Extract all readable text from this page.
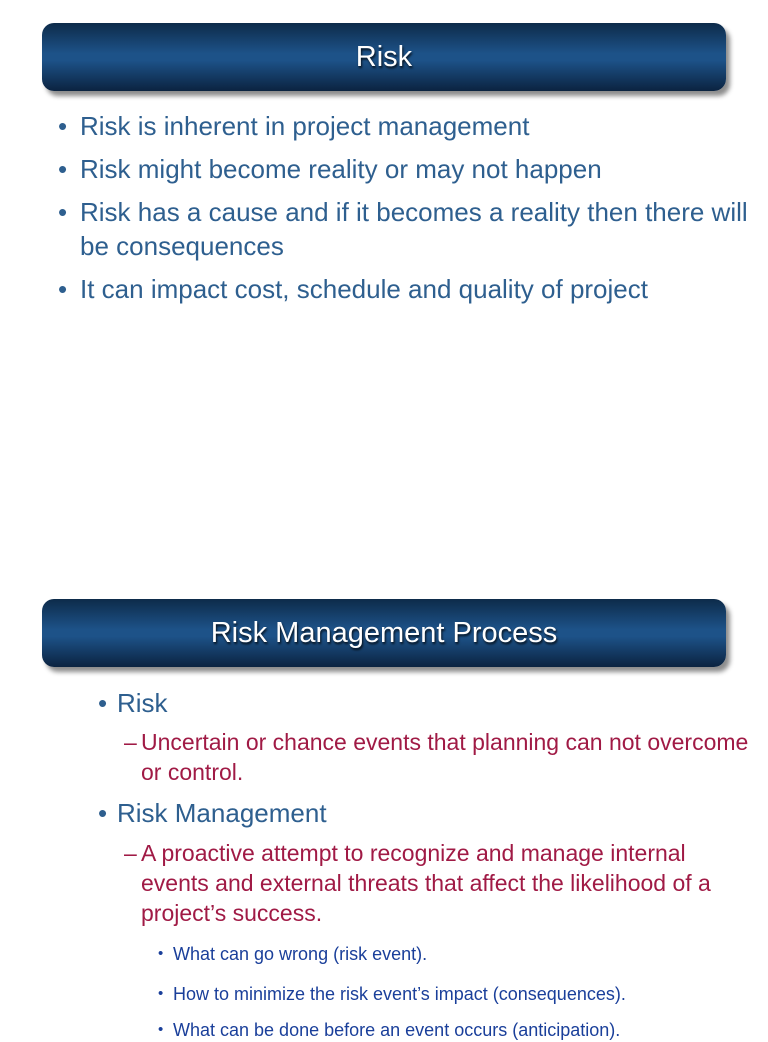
Risk
• Risk is inherent in project management
• Risk might become reality or may not happen
• Risk has a cause and if it becomes a reality then there will be consequences
• It can impact cost, schedule and quality of project
Risk Management Process
• Risk
– Uncertain or chance events that planning can not overcome or control.
• Risk Management
– A proactive attempt to recognize and manage internal events and external threats that affect the likelihood of a project’s success.
• What can go wrong (risk event).
• How to minimize the risk event’s impact (consequences).
• What can be done before an event occurs (anticipation).
